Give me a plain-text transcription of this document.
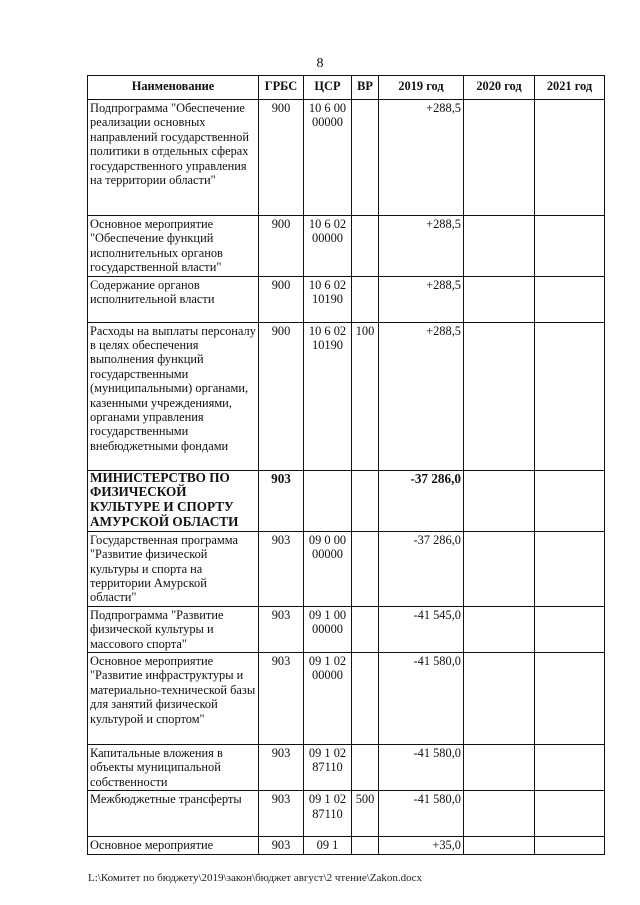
8
Наименование	ГРБС	ЦСР	ВР	2019 год	2020 год	2021 год
Подпрограмма "Обеспечение реализации основных направлений государственной политики в отдельных сферах государственного управления на территории области"	900	10 6 00 00000		+288,5		
Основное мероприятие "Обеспечение функций исполнительных органов государственной власти"	900	10 6 02 00000		+288,5		
Содержание органов исполнительной власти	900	10 6 02 10190		+288,5		
Расходы на выплаты персоналу в целях обеспечения выполнения функций государственными (муниципальными) органами, казенными учреждениями, органами управления государственными внебюджетными фондами	900	10 6 02 10190	100	+288,5		
МИНИСТЕРСТВО ПО ФИЗИЧЕСКОЙ КУЛЬТУРЕ И СПОРТУ АМУРСКОЙ ОБЛАСТИ	903			-37 286,0		
Государственная программа "Развитие физической культуры и спорта на территории Амурской области"	903	09 0 00 00000		-37 286,0		
Подпрограмма "Развитие физической культуры и массового спорта"	903	09 1 00 00000		-41 545,0		
Основное мероприятие "Развитие инфраструктуры и материально-технической базы для занятий физической культурой и спортом"	903	09 1 02 00000		-41 580,0		
Капитальные вложения в объекты муниципальной собственности	903	09 1 02 87110		-41 580,0		
Межбюджетные трансферты	903	09 1 02 87110	500	-41 580,0		
Основное мероприятие	903	09 1		+35,0		
L:\Комитет по бюджету\2019\закон\бюджет август\2 чтение\Zakon.docx
